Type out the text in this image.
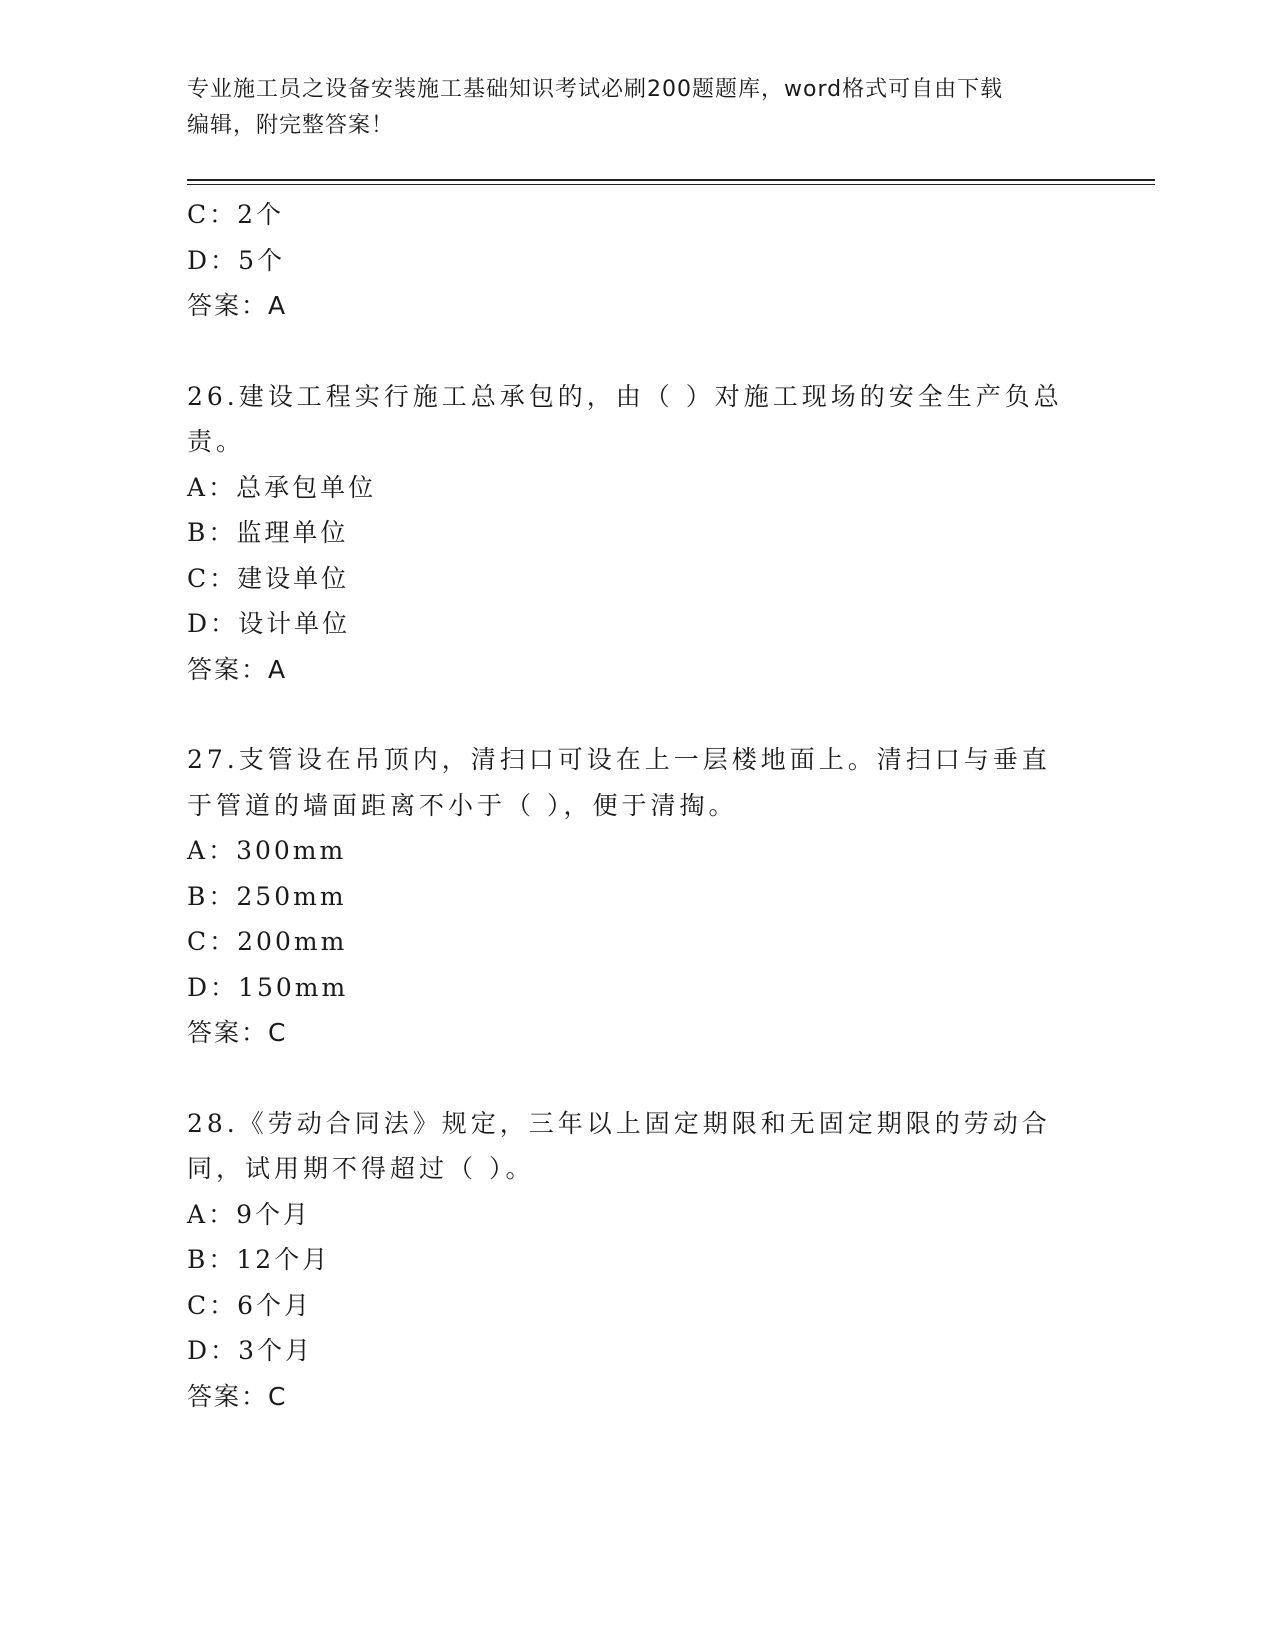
专业施工员之设备安装施工基础知识考试必刷200题题库，word格式可自由下载
编辑，附完整答案！
C：2个
D：5个
答案：A
26.建设工程实行施工总承包的，由（ ）对施工现场的安全生产负总责。
A：总承包单位
B：监理单位
C：建设单位
D：设计单位
答案：A
27.支管设在吊顶内，清扫口可设在上一层楼地面上。清扫口与垂直于管道的墙面距离不小于（ ），便于清掏。
A：300mm
B：250mm
C：200mm
D：150mm
答案：C
28.《劳动合同法》规定，三年以上固定期限和无固定期限的劳动合同，试用期不得超过（ ）。
A：9个月
B：12个月
C：6个月
D：3个月
答案：C
